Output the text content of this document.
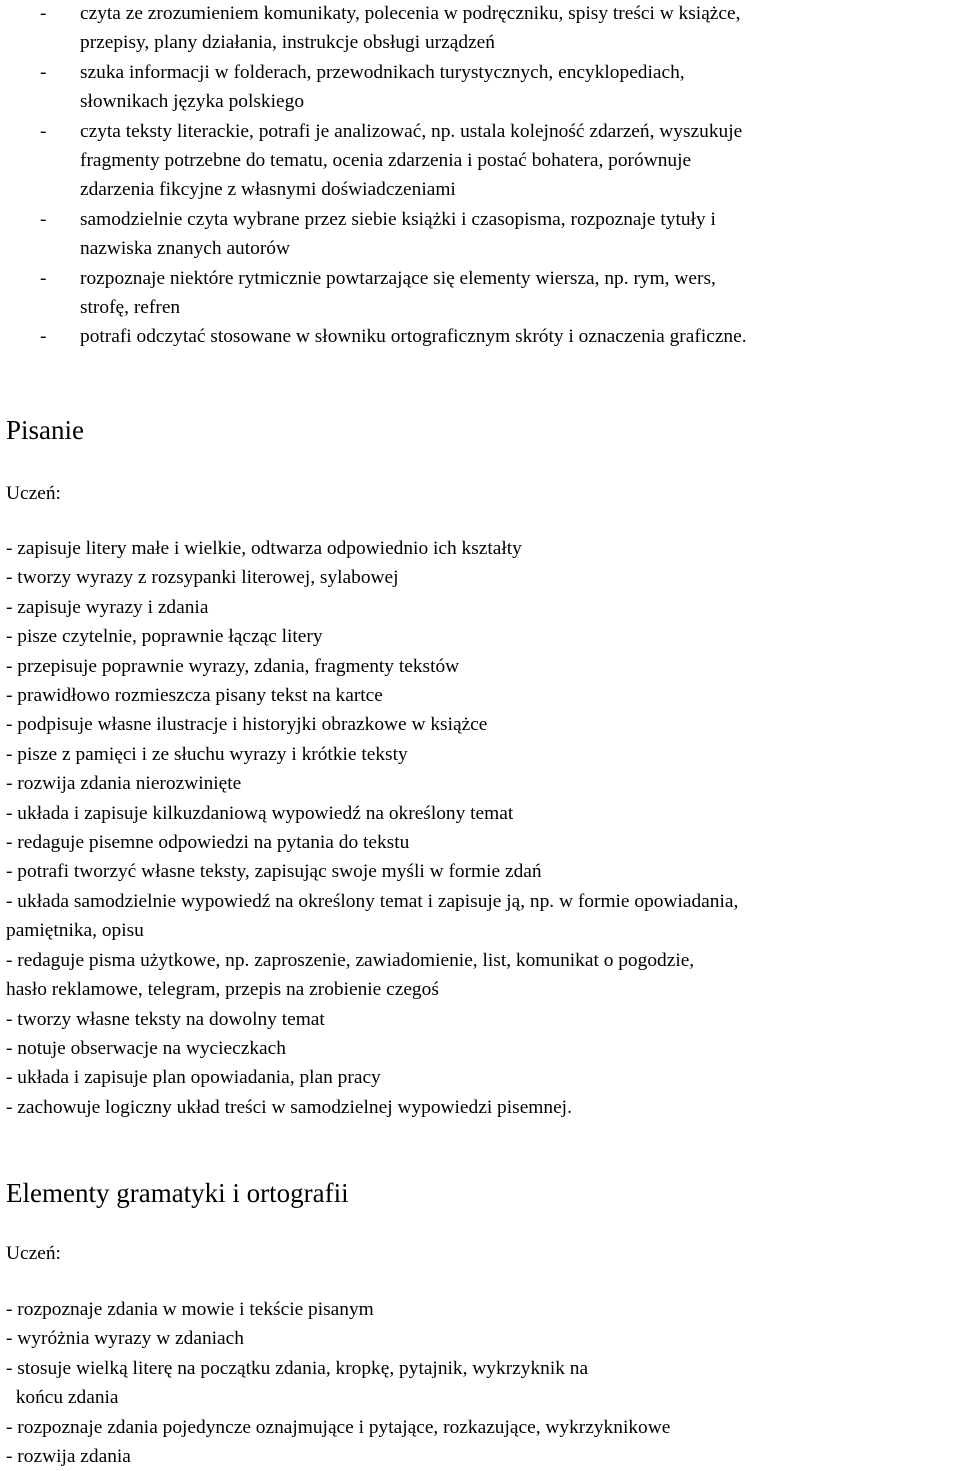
- czyta ze zrozumieniem komunikaty, polecenia w podręczniku, spisy treści w książce,
przepisy, plany działania, instrukcje obsługi urządzeń
- szuka informacji w folderach, przewodnikach turystycznych, encyklopediach,
słownikach języka polskiego
- czyta teksty literackie, potrafi je analizować, np. ustala kolejność zdarzeń, wyszukuje
fragmenty potrzebne do tematu, ocenia zdarzenia i postać bohatera, porównuje
zdarzenia fikcyjne z własnymi doświadczeniami
- samodzielnie czyta wybrane przez siebie książki i czasopisma, rozpoznaje tytuły i
nazwiska znanych autorów
- rozpoznaje niektóre rytmicznie powtarzające się elementy wiersza, np. rym, wers,
strofę, refren
- potrafi odczytać stosowane w słowniku ortograficznym skróty i oznaczenia graficzne.
Pisanie
Uczeń:
- zapisuje litery małe i wielkie, odtwarza odpowiednio ich kształty
- tworzy wyrazy z rozsypanki literowej, sylabowej
- zapisuje wyrazy i zdania
- pisze czytelnie, poprawnie łącząc litery
- przepisuje poprawnie wyrazy, zdania, fragmenty tekstów
- prawidłowo rozmieszcza pisany tekst na kartce
- podpisuje własne ilustracje i historyjki obrazkowe w książce
- pisze z pamięci i ze słuchu wyrazy i krótkie teksty
- rozwija zdania nierozwinięte
- układa i zapisuje kilkuzdaniową wypowiedź na określony temat
- redaguje pisemne odpowiedzi na pytania do tekstu
- potrafi tworzyć własne teksty, zapisując swoje myśli w formie zdań
- układa samodzielnie wypowiedź na określony temat i zapisuje ją, np. w formie opowiadania,
pamiętnika, opisu
- redaguje pisma użytkowe, np. zaproszenie, zawiadomienie, list, komunikat o pogodzie,
hasło reklamowe, telegram, przepis na zrobienie czegoś
- tworzy własne teksty na dowolny temat
- notuje obserwacje na wycieczkach
- układa i zapisuje plan opowiadania, plan pracy
- zachowuje logiczny układ treści w samodzielnej wypowiedzi pisemnej.
Elementy gramatyki i ortografii
Uczeń:
- rozpoznaje zdania w mowie i tekście pisanym
- wyróżnia wyrazy w zdaniach
- stosuje wielką literę na początku zdania, kropkę, pytajnik, wykrzyknik na
końcu zdania
- rozpoznaje zdania pojedyncze oznajmujące i pytające, rozkazujące, wykrzyknikowe
- rozwija zdania
